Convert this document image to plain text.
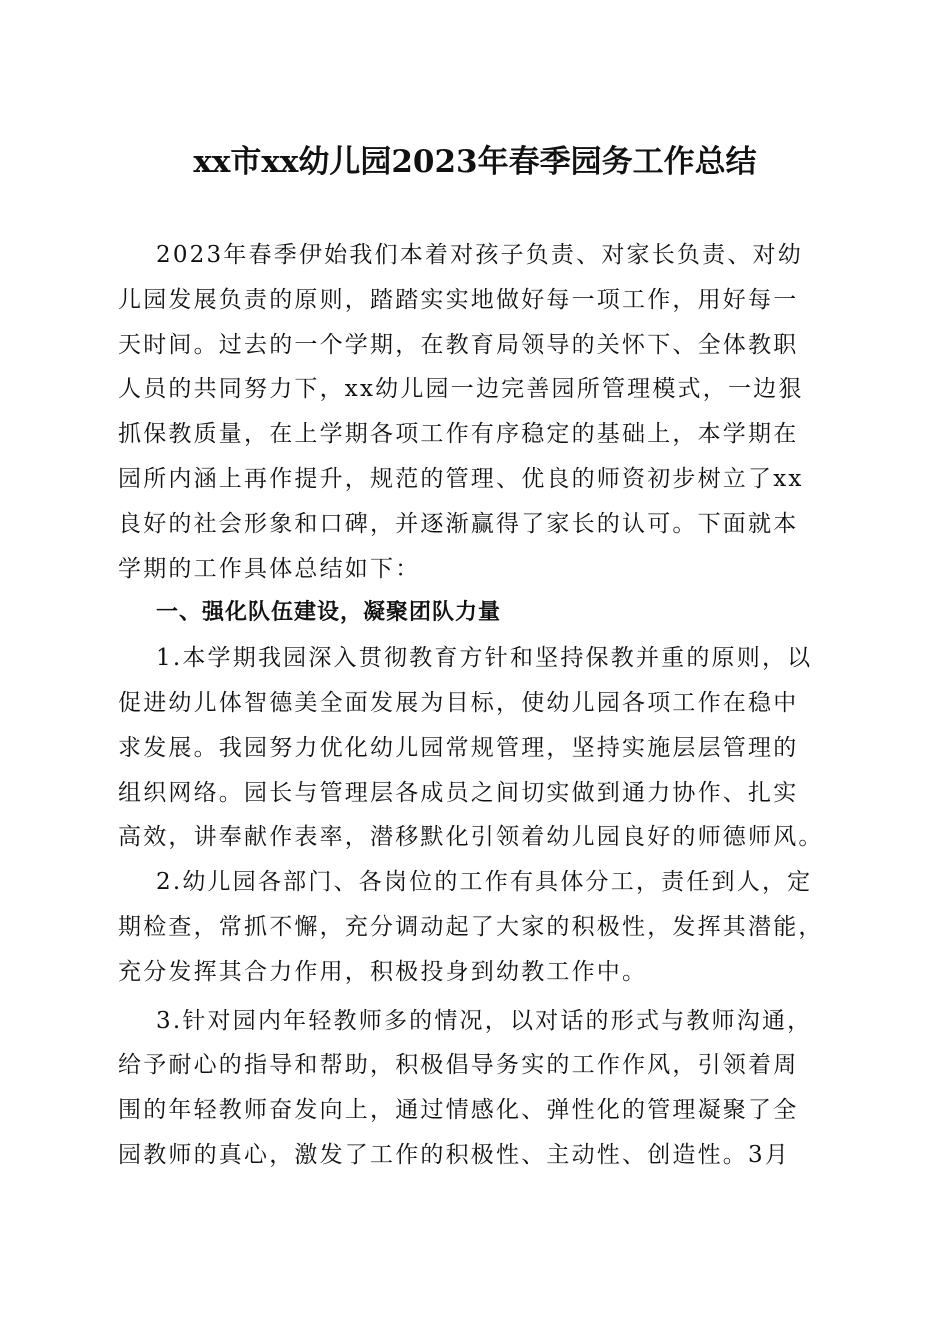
xx市xx幼儿园2023年春季园务工作总结
2023年春季伊始我们本着对孩子负责、对家长负责、对幼
儿园发展负责的原则，踏踏实实地做好每一项工作，用好每一
天时间。过去的一个学期，在教育局领导的关怀下、全体教职
人员的共同努力下，xx幼儿园一边完善园所管理模式，一边狠
抓保教质量，在上学期各项工作有序稳定的基础上，本学期在
园所内涵上再作提升，规范的管理、优良的师资初步树立了xx
良好的社会形象和口碑，并逐渐赢得了家长的认可。下面就本
学期的工作具体总结如下：
一、强化队伍建设，凝聚团队力量
1.本学期我园深入贯彻教育方针和坚持保教并重的原则，以
促进幼儿体智德美全面发展为目标，使幼儿园各项工作在稳中
求发展。我园努力优化幼儿园常规管理，坚持实施层层管理的
组织网络。园长与管理层各成员之间切实做到通力协作、扎实
高效，讲奉献作表率，潜移默化引领着幼儿园良好的师德师风。
2.幼儿园各部门、各岗位的工作有具体分工，责任到人，定
期检查，常抓不懈，充分调动起了大家的积极性，发挥其潜能，
充分发挥其合力作用，积极投身到幼教工作中。
3.针对园内年轻教师多的情况，以对话的形式与教师沟通，
给予耐心的指导和帮助，积极倡导务实的工作作风，引领着周
围的年轻教师奋发向上，通过情感化、弹性化的管理凝聚了全
园教师的真心，激发了工作的积极性、主动性、创造性。3月
